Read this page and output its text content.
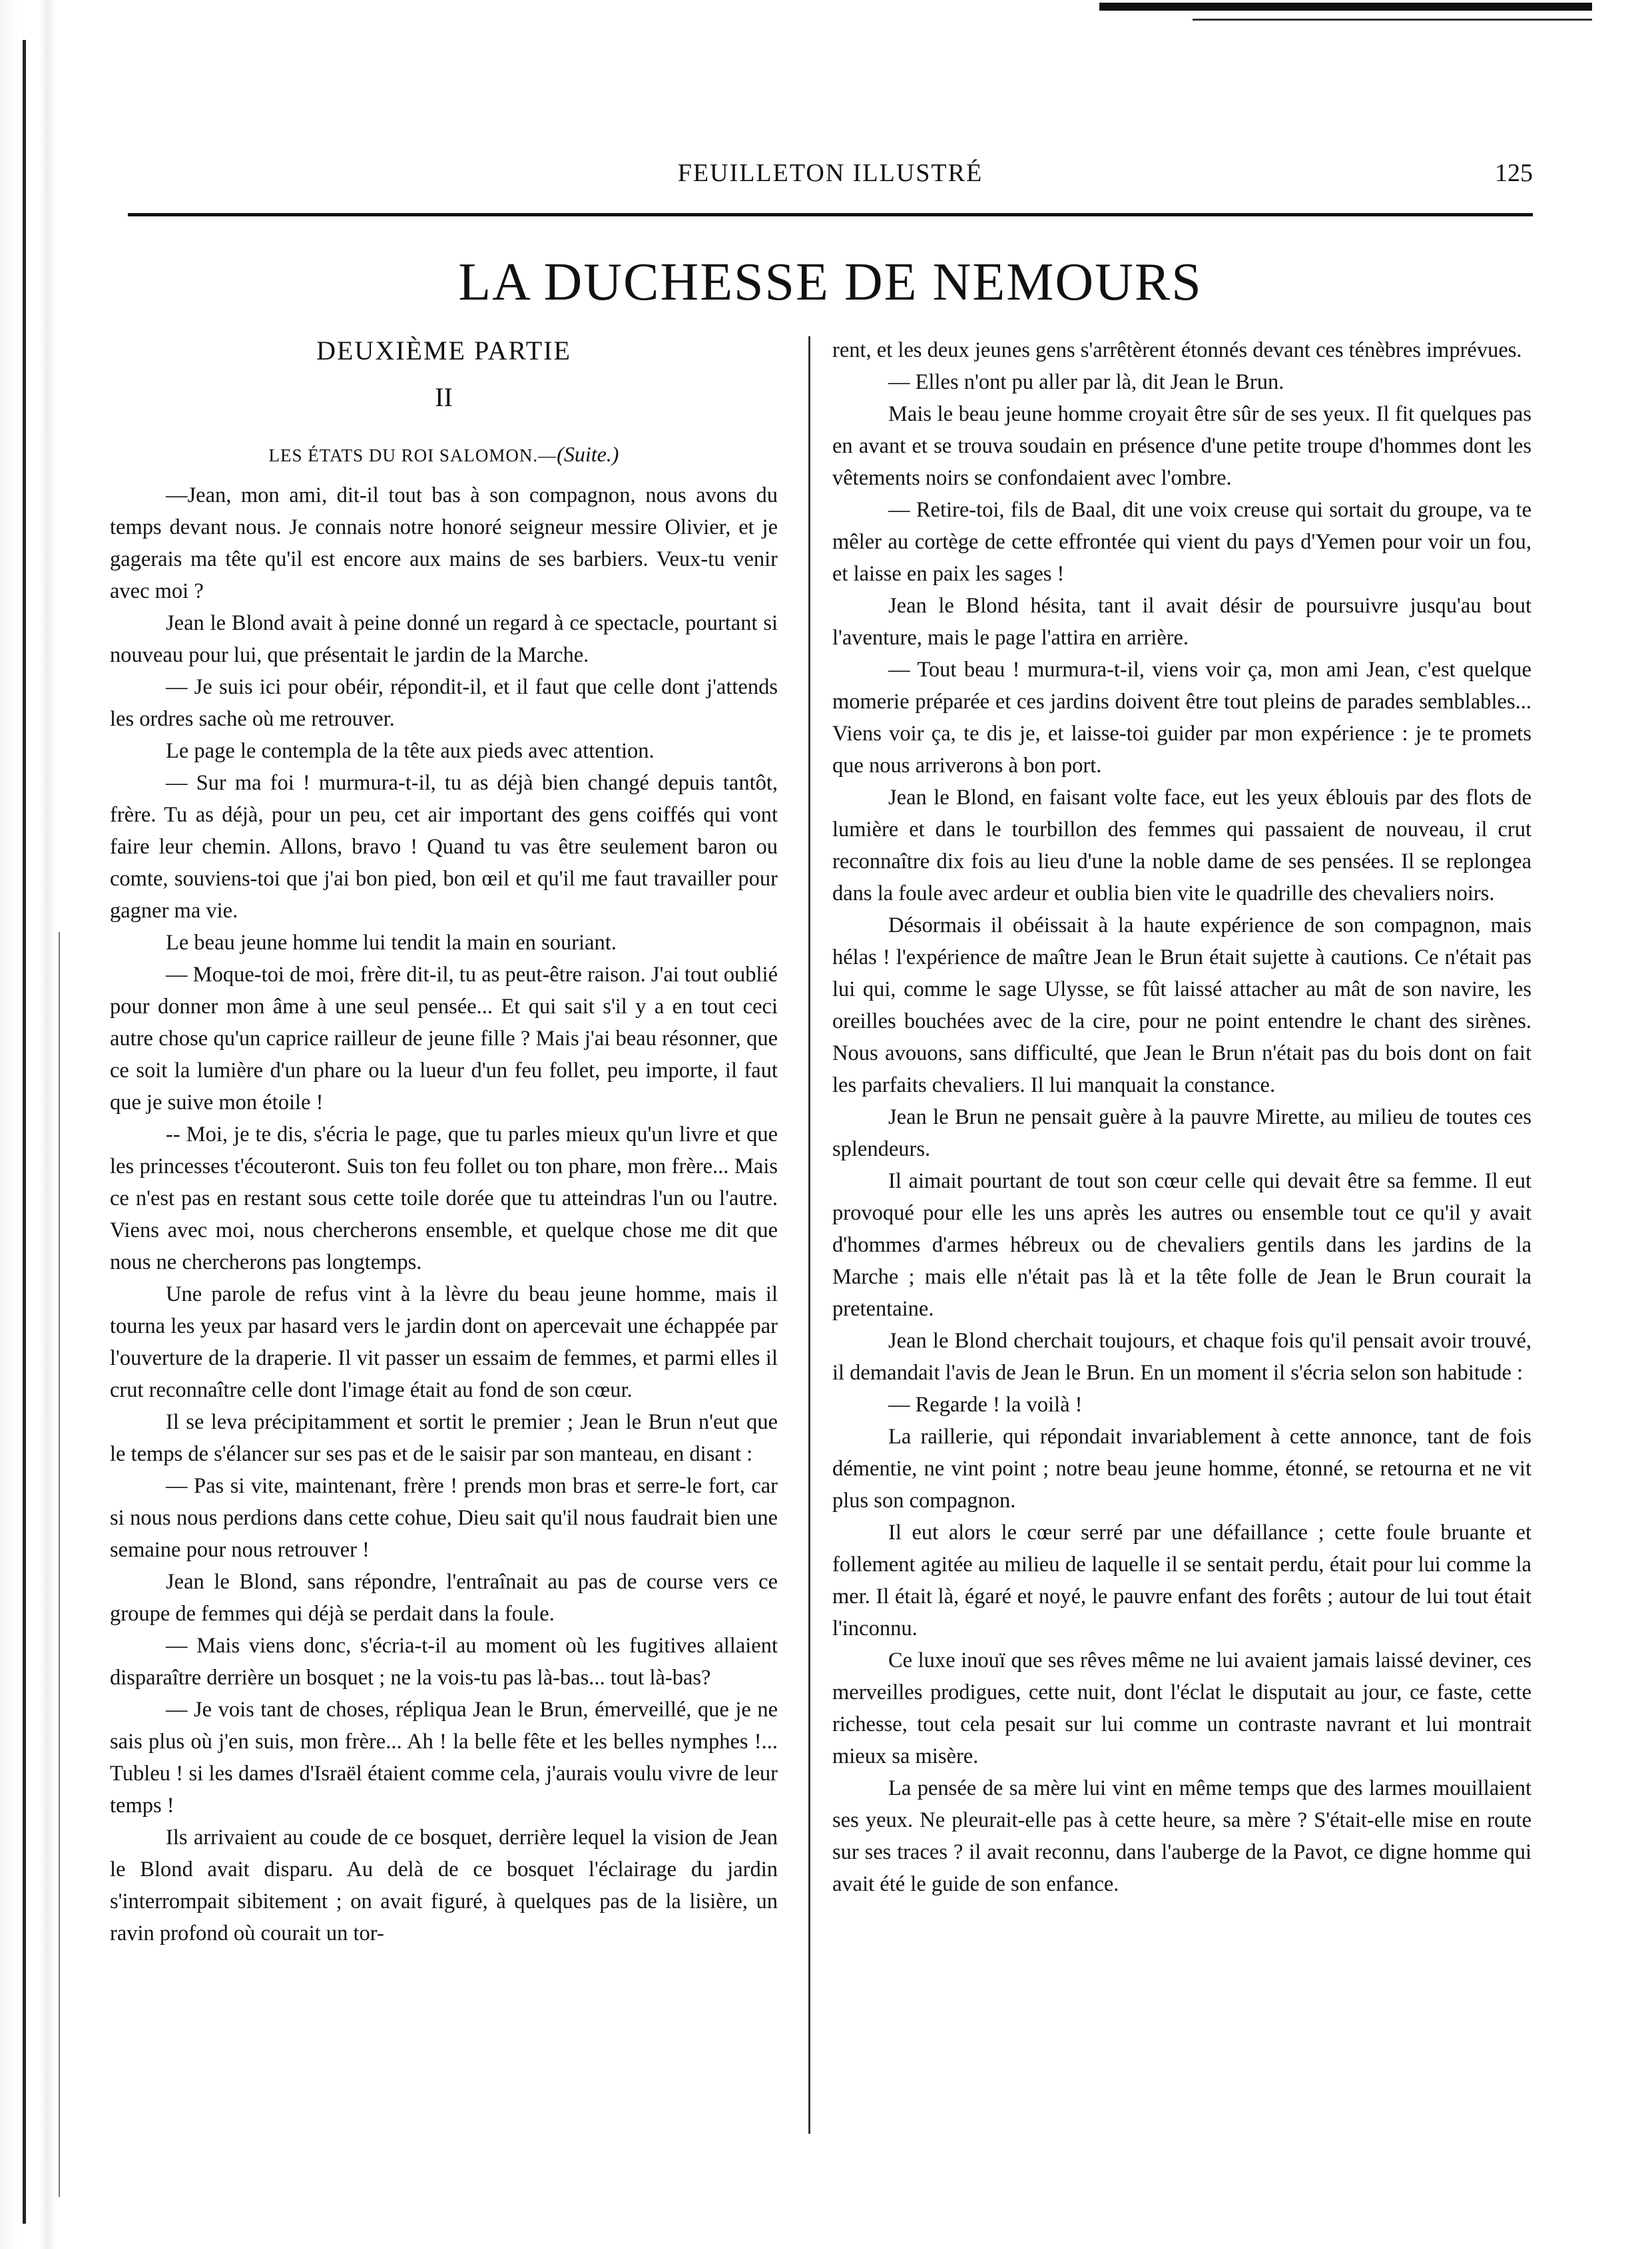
FEUILLETON ILLUSTRÉ	125
LA DUCHESSE DE NEMOURS
DEUXIÈME PARTIE
II
LES ÉTATS DU ROI SALOMON.—(Suite.)

—Jean, mon ami, dit-il tout bas à son compagnon, nous avons du temps devant nous. Je connais notre honoré seigneur messire Olivier, et je gagerais ma tête qu'il est encore aux mains de ses barbiers. Veux-tu venir avec moi ?

Jean le Blond avait à peine donné un regard à ce spectacle, pourtant si nouveau pour lui, que présentait le jardin de la Marche.

— Je suis ici pour obéir, répondit-il, et il faut que celle dont j'attends les ordres sache où me retrouver.

Le page le contempla de la tête aux pieds avec attention.

— Sur ma foi ! murmura-t-il, tu as déjà bien changé depuis tantôt, frère. Tu as déjà, pour un peu, cet air important des gens coiffés qui vont faire leur chemin. Allons, bravo ! Quand tu vas être seulement baron ou comte, souviens-toi que j'ai bon pied, bon œil et qu'il me faut travailler pour gagner ma vie.

Le beau jeune homme lui tendit la main en souriant.

— Moque-toi de moi, frère dit-il, tu as peut-être raison. J'ai tout oublié pour donner mon âme à une seul pensée... Et qui sait s'il y a en tout ceci autre chose qu'un caprice railleur de jeune fille ? Mais j'ai beau résonner, que ce soit la lumière d'un phare ou la lueur d'un feu follet, peu importe, il faut que je suive mon étoile !

-- Moi, je te dis, s'écria le page, que tu parles mieux qu'un livre et que les princesses t'écouteront. Suis ton feu follet ou ton phare, mon frère... Mais ce n'est pas en restant sous cette toile dorée que tu atteindras l'un ou l'autre. Viens avec moi, nous chercherons ensemble, et quelque chose me dit que nous ne chercherons pas longtemps.

Une parole de refus vint à la lèvre du beau jeune homme, mais il tourna les yeux par hasard vers le jardin dont on apercevait une échappée par l'ouverture de la draperie. Il vit passer un essaim de femmes, et parmi elles il crut reconnaître celle dont l'image était au fond de son cœur.

Il se leva précipitamment et sortit le premier ; Jean le Brun n'eut que le temps de s'élancer sur ses pas et de le saisir par son manteau, en disant :

— Pas si vite, maintenant, frère ! prends mon bras et serre-le fort, car si nous nous perdions dans cette cohue, Dieu sait qu'il nous faudrait bien une semaine pour nous retrouver !

Jean le Blond, sans répondre, l'entraînait au pas de course vers ce groupe de femmes qui déjà se perdait dans la foule.

— Mais viens donc, s'écria-t-il au moment où les fugitives allaient disparaître derrière un bosquet ; ne la vois-tu pas là-bas... tout là-bas?

— Je vois tant de choses, répliqua Jean le Brun, émerveillé, que je ne sais plus où j'en suis, mon frère... Ah ! la belle fête et les belles nymphes !... Tubleu ! si les dames d'Israël étaient comme cela, j'aurais voulu vivre de leur temps !

Ils arrivaient au coude de ce bosquet, derrière lequel la vision de Jean le Blond avait disparu. Au delà de ce bosquet l'éclairage du jardin s'interrompait sibitement ; on avait figuré, à quelques pas de la lisière, un ravin profond où courait un tor-

rent, et les deux jeunes gens s'arrêtèrent étonnés devant ces ténèbres imprévues.

— Elles n'ont pu aller par là, dit Jean le Brun.

Mais le beau jeune homme croyait être sûr de ses yeux. Il fit quelques pas en avant et se trouva soudain en présence d'une petite troupe d'hommes dont les vêtements noirs se confondaient avec l'ombre.

— Retire-toi, fils de Baal, dit une voix creuse qui sortait du groupe, va te mêler au cortège de cette effrontée qui vient du pays d'Yemen pour voir un fou, et laisse en paix les sages !

Jean le Blond hésita, tant il avait désir de poursuivre jusqu'au bout l'aventure, mais le page l'attira en arrière.

— Tout beau ! murmura-t-il, viens voir ça, mon ami Jean, c'est quelque momerie préparée et ces jardins doivent être tout pleins de parades semblables... Viens voir ça, te dis je, et laisse-toi guider par mon expérience : je te promets que nous arriverons à bon port.

Jean le Blond, en faisant volte face, eut les yeux éblouis par des flots de lumière et dans le tourbillon des femmes qui passaient de nouveau, il crut reconnaître dix fois au lieu d'une la noble dame de ses pensées. Il se replongea dans la foule avec ardeur et oublia bien vite le quadrille des chevaliers noirs.

Désormais il obéissait à la haute expérience de son compagnon, mais hélas ! l'expérience de maître Jean le Brun était sujette à cautions. Ce n'était pas lui qui, comme le sage Ulysse, se fût laissé attacher au mât de son navire, les oreilles bouchées avec de la cire, pour ne point entendre le chant des sirènes. Nous avouons, sans difficulté, que Jean le Brun n'était pas du bois dont on fait les parfaits chevaliers. Il lui manquait la constance.

Jean le Brun ne pensait guère à la pauvre Mirette, au milieu de toutes ces splendeurs.

Il aimait pourtant de tout son cœur celle qui devait être sa femme. Il eut provoqué pour elle les uns après les autres ou ensemble tout ce qu'il y avait d'hommes d'armes hébreux ou de chevaliers gentils dans les jardins de la Marche ; mais elle n'était pas là et la tête folle de Jean le Brun courait la pretentaine.

Jean le Blond cherchait toujours, et chaque fois qu'il pensait avoir trouvé, il demandait l'avis de Jean le Brun. En un moment il s'écria selon son habitude :

— Regarde ! la voilà !

La raillerie, qui répondait invariablement à cette annonce, tant de fois démentie, ne vint point ; notre beau jeune homme, étonné, se retourna et ne vit plus son compagnon.

Il eut alors le cœur serré par une défaillance ; cette foule bruante et follement agitée au milieu de laquelle il se sentait perdu, était pour lui comme la mer. Il était là, égaré et noyé, le pauvre enfant des forêts ; autour de lui tout était l'inconnu.

Ce luxe inouï que ses rêves même ne lui avaient jamais laissé deviner, ces merveilles prodigues, cette nuit, dont l'éclat le disputait au jour, ce faste, cette richesse, tout cela pesait sur lui comme un contraste navrant et lui montrait mieux sa misère.

La pensée de sa mère lui vint en même temps que des larmes mouillaient ses yeux. Ne pleurait-elle pas à cette heure, sa mère ? S'était-elle mise en route sur ses traces ? il avait reconnu, dans l'auberge de la Pavot, ce digne homme qui avait été le guide de son enfance.
